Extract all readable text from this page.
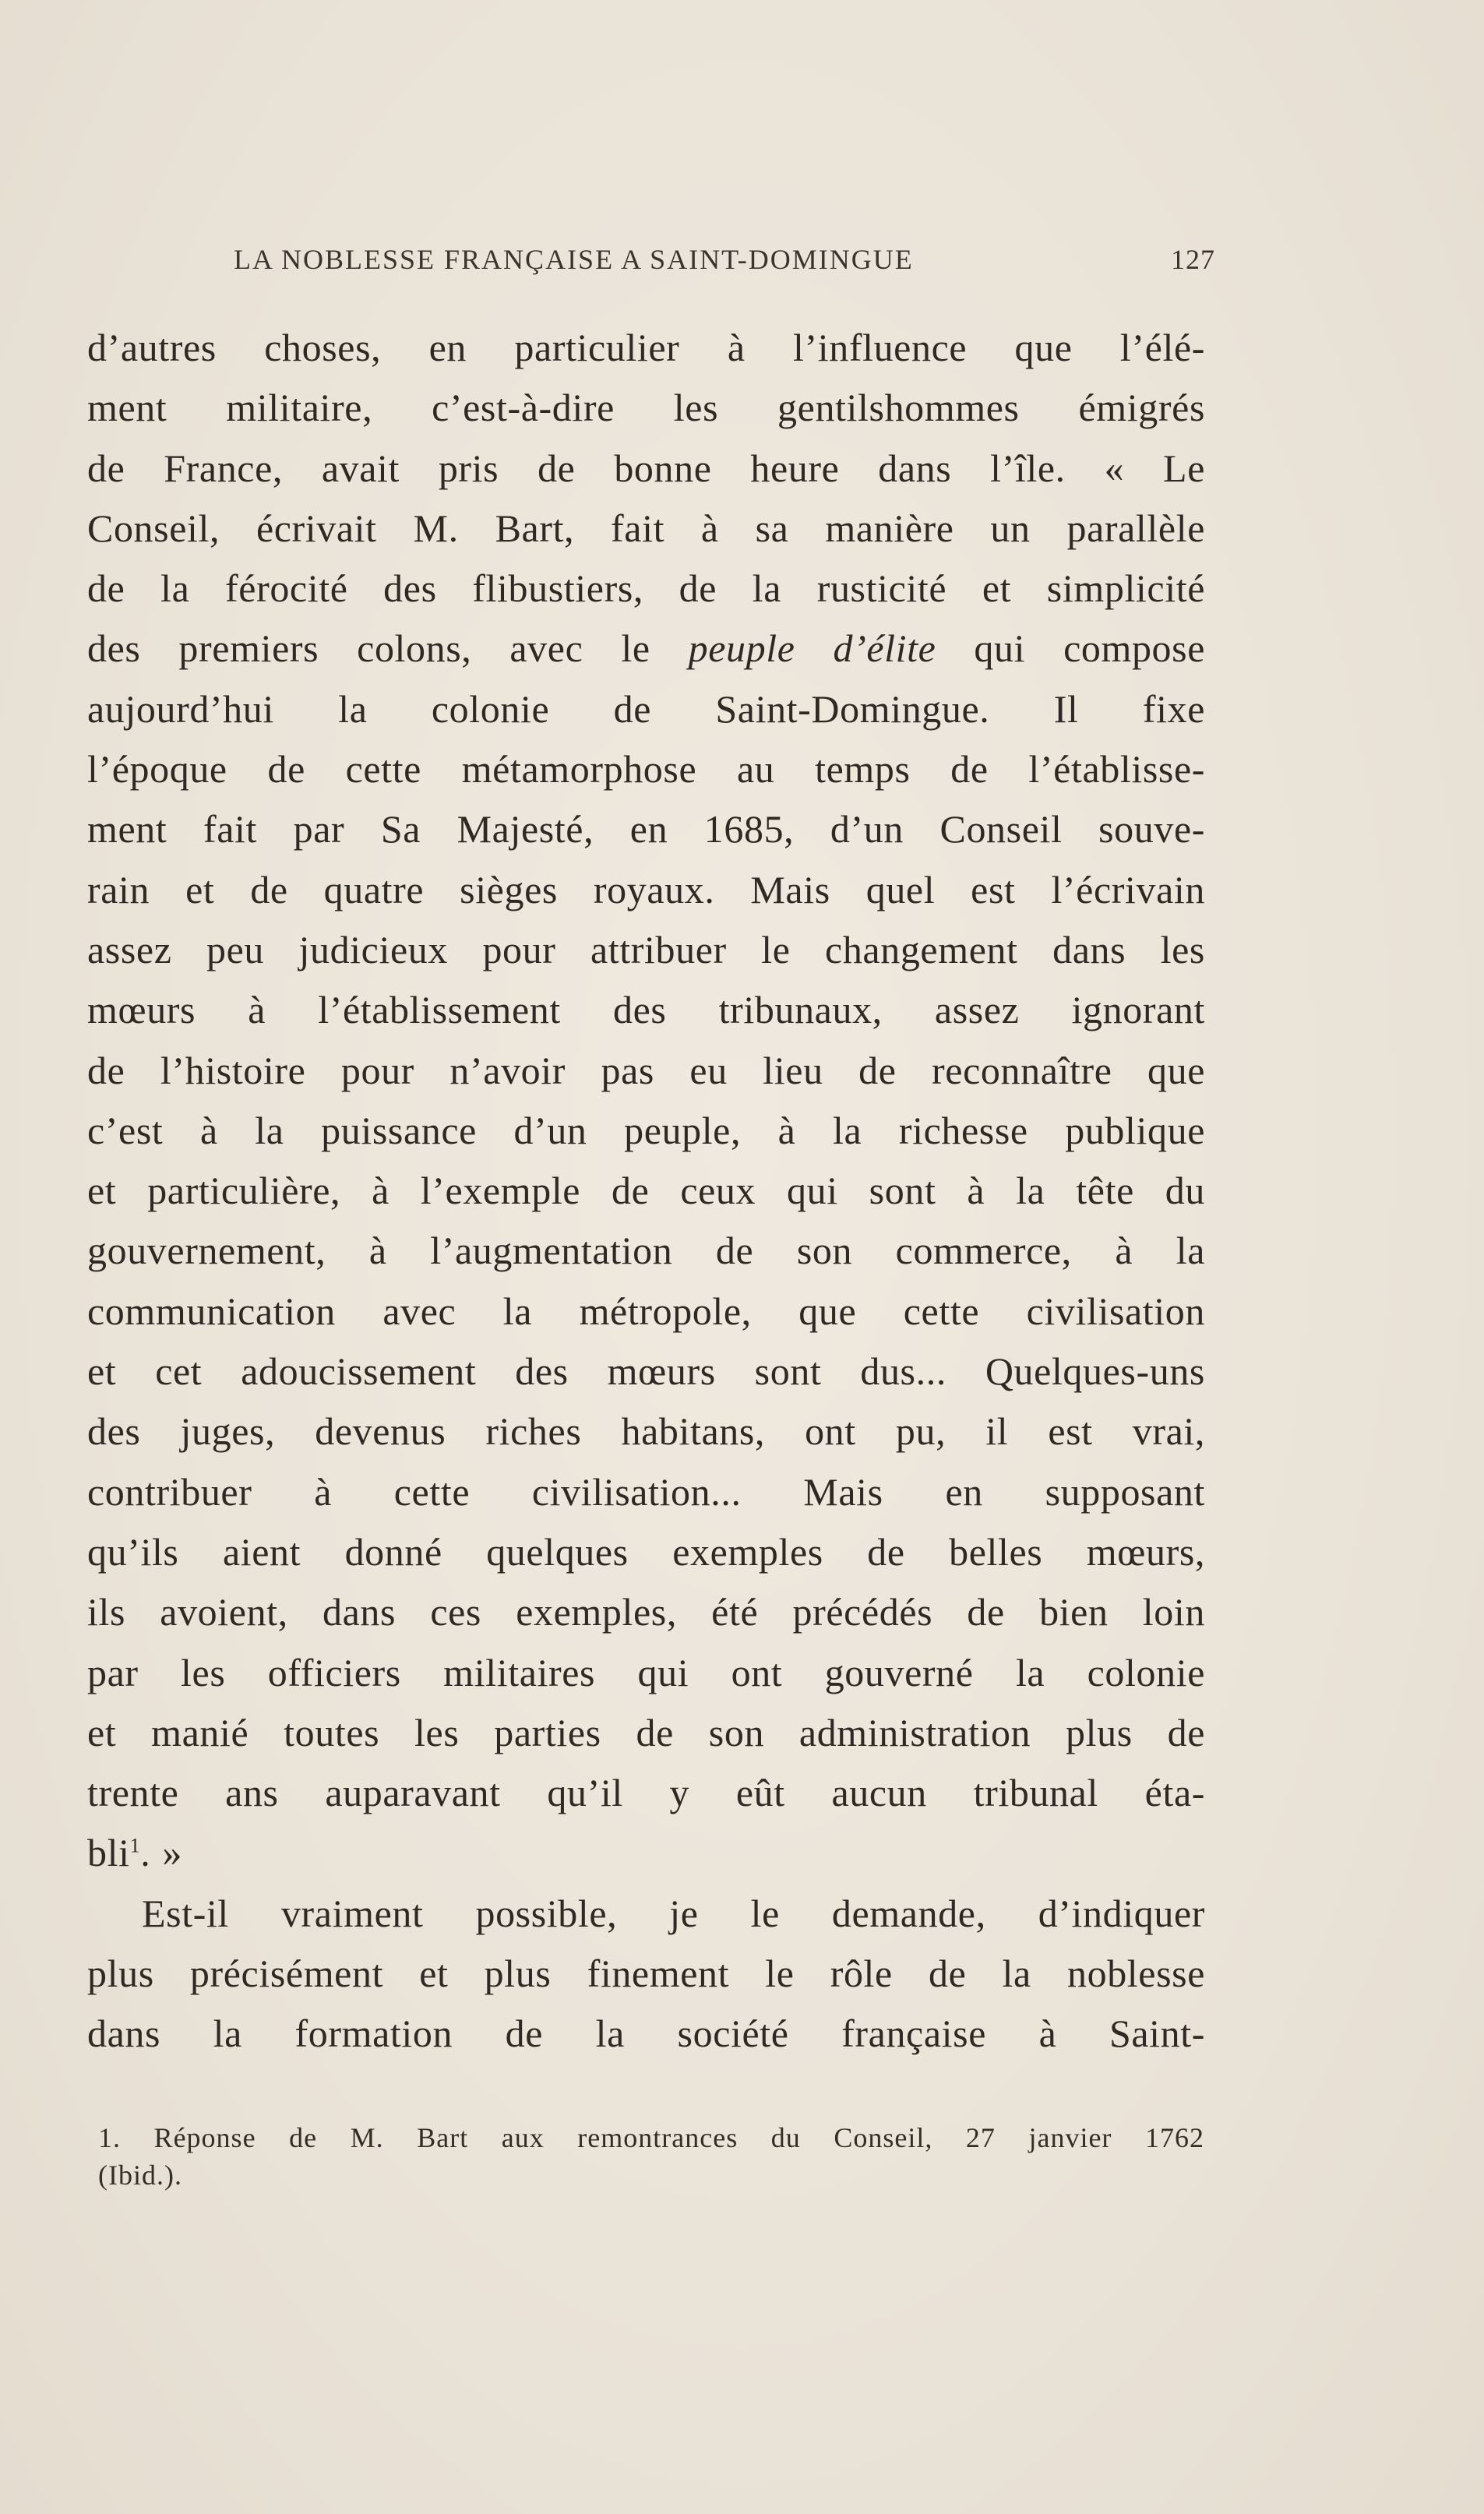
LA NOBLESSE FRANÇAISE A SAINT-DOMINGUE	127
d’autres choses, en particulier à l’influence que l’élé-
ment militaire, c’est-à-dire les gentilshommes émigrés
de France, avait pris de bonne heure dans l’île. « Le
Conseil, écrivait M. Bart, fait à sa manière un parallèle
de la férocité des flibustiers, de la rusticité et simplicité
des premiers colons, avec le peuple d’élite qui compose
aujourd’hui la colonie de Saint-Domingue. Il fixe
l’époque de cette métamorphose au temps de l’établisse-
ment fait par Sa Majesté, en 1685, d’un Conseil souve-
rain et de quatre sièges royaux. Mais quel est l’écrivain
assez peu judicieux pour attribuer le changement dans les
mœurs à l’établissement des tribunaux, assez ignorant
de l’histoire pour n’avoir pas eu lieu de reconnaître que
c’est à la puissance d’un peuple, à la richesse publique
et particulière, à l’exemple de ceux qui sont à la tête du
gouvernement, à l’augmentation de son commerce, à la
communication avec la métropole, que cette civilisation
et cet adoucissement des mœurs sont dus... Quelques-uns
des juges, devenus riches habitans, ont pu, il est vrai,
contribuer à cette civilisation... Mais en supposant
qu’ils aient donné quelques exemples de belles mœurs,
ils avoient, dans ces exemples, été précédés de bien loin
par les officiers militaires qui ont gouverné la colonie
et manié toutes les parties de son administration plus de
trente ans auparavant qu’il y eût aucun tribunal éta-
bli$^1$. »
Est-il vraiment possible, je le demande, d’indiquer
plus précisément et plus finement le rôle de la noblesse
dans la formation de la société française à Saint-
1. Réponse de M. Bart aux remontrances du Conseil, 27 janvier 1762
(Ibid.).
